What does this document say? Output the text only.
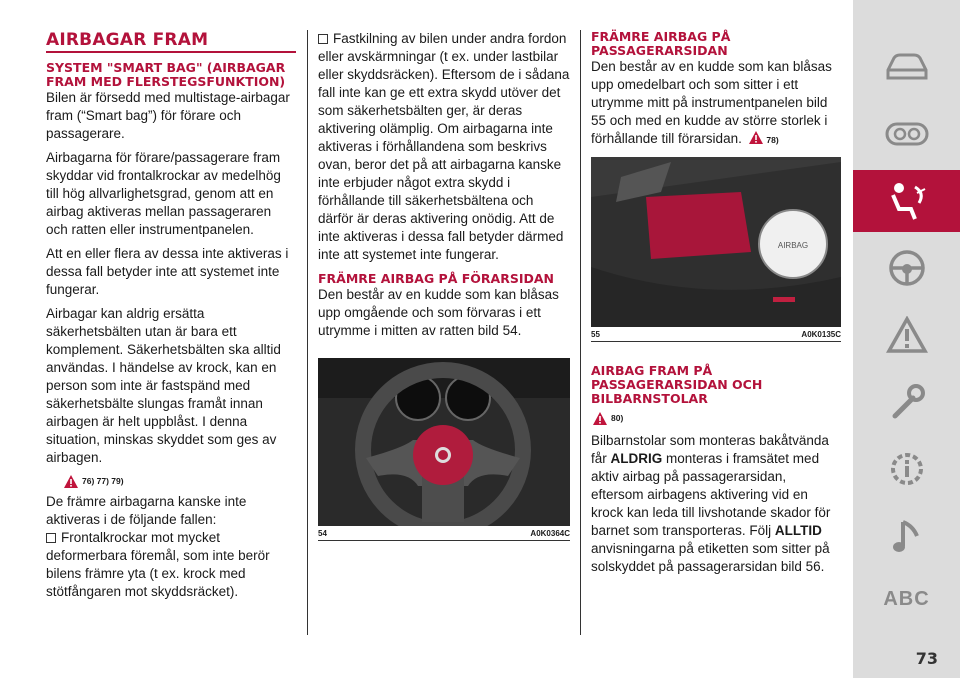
AIRBAGAR FRAM
SYSTEM "SMART BAG" (AIRBAGAR FRAM MED FLERSTEGSFUNKTION)

Bilen är försedd med multistage-airbagar fram (“Smart bag”) för förare och passagerare.

Airbagarna för förare/passagerare fram skyddar vid frontalkrockar av medelhög till hög allvarlighetsgrad, genom att en airbag aktiveras mellan passageraren och ratten eller instrumentpanelen.

Att en eller flera av dessa inte aktiveras i dessa fall betyder inte att systemet inte fungerar.

Airbagar kan aldrig ersätta säkerhetsbälten utan är bara ett komplement. Säkerhetsbälten ska alltid användas. I händelse av krock, kan en person som inte är fastspänd med säkerhetsbälte slungas framåt innan airbagen är helt uppblåst. I denna situation, minskas skyddet som ges av airbagen.

76) 77) 79)

De främre airbagarna kanske inte aktiveras i de följande fallen:

Frontalkrockar mot mycket deformerbara föremål, som inte berör bilens främre yta (t ex. krock med stötfångaren mot skyddsräcket).

Fastkilning av bilen under andra fordon eller avskärmningar (t ex. under lastbilar eller skyddsräcken). Eftersom de i sådana fall inte kan ge ett extra skydd utöver det som säkerhetsbälten ger, är deras aktivering olämplig. Om airbagarna inte aktiveras i förhållandena som beskrivs ovan, beror det på att airbagarna kanske inte erbjuder något extra skydd i förhållande till säkerhetsbältena och därför är deras aktivering onödig. Att de inte aktiveras i dessa fall betyder därmed inte att systemet inte fungerar.

FRÄMRE AIRBAG PÅ FÖRARSIDAN

Den består av en kudde som kan blåsas upp omgående och som förvaras i ett utrymme i mitten av ratten bild 54.

54	A0K0364C
FRÄMRE AIRBAG PÅ PASSAGERARSIDAN

Den består av en kudde som kan blåsas upp omedelbart och som sitter i ett utrymme mitt på instrumentpanelen bild 55 och med en kudde av större storlek i förhållande till förarsidan.	78)

AIRBAG
55	A0K0135C
AIRBAG FRAM PÅ PASSAGERARSIDAN OCH BILBARNSTOLAR
80)

Bilbarnstolar som monteras bakåtvända får ALDRIG monteras i framsätet med aktiv airbag på passagerarsidan, eftersom airbagens aktivering vid en krock kan leda till livshotande skador för barnet som transporteras. Följ ALLTID anvisningarna på etiketten som sitter på solskyddet på passagerarsidan bild 56.

ABC
73
